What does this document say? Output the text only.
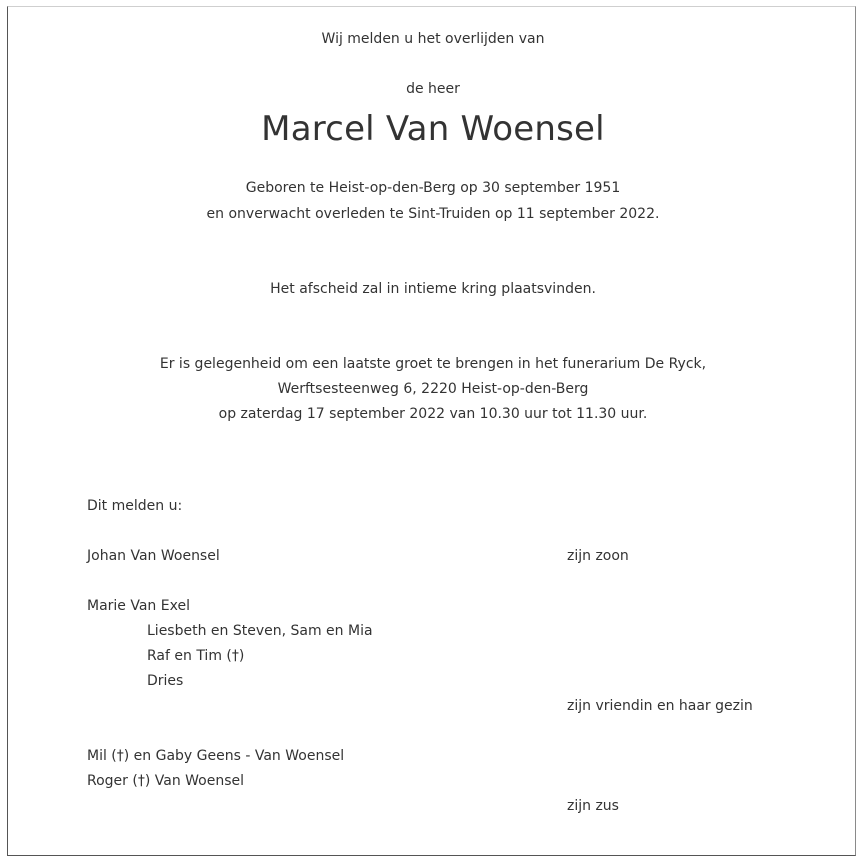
Wij melden u het overlijden van
de heer
Marcel Van Woensel
Geboren te Heist-op-den-Berg op 30 september 1951
en onverwacht overleden te Sint-Truiden op 11 september 2022.
Het afscheid zal in intieme kring plaatsvinden.
Er is gelegenheid om een laatste groet te brengen in het funerarium De Ryck,
Werftsesteenweg 6, 2220 Heist-op-den-Berg
op zaterdag 17 september 2022 van 10.30 uur tot 11.30 uur.
Dit melden u:
Johan Van Woensel	zijn zoon
Marie Van Exel
Liesbeth en Steven, Sam en Mia
Raf en Tim (†)
Dries
zijn vriendin en haar gezin
Mil (†) en Gaby Geens - Van Woensel
Roger (†) Van Woensel
zijn zus
